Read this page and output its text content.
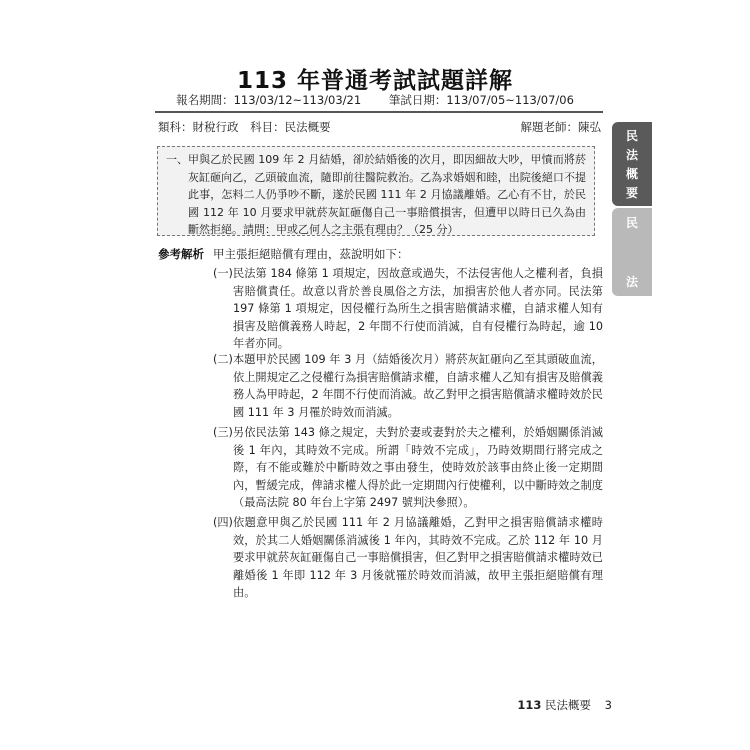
113 年普通考試試題詳解
報名期間：113/03/12~113/03/21 筆試日期：113/07/05~113/07/06
類科：財稅行政 科目：民法概要	解題老師：陳弘
一、 甲與乙於民國 109 年 2 月結婚，卻於結婚後的次月，即因細故大吵，甲憤而將菸灰缸砸向乙，乙頭破血流，隨即前往醫院救治。乙為求婚姻和睦，出院後絕口不提此事，怎料二人仍爭吵不斷，遂於民國 111 年 2 月協議離婚。乙心有不甘，於民國 112 年 10 月要求甲就菸灰缸砸傷自己一事賠償損害，但遭甲以時日已久為由斷然拒絕。請問：甲或乙何人之主張有理由？（25 分）
參考解析 甲主張拒絕賠償有理由，茲說明如下：
(一) 民法第 184 條第 1 項規定，因故意或過失，不法侵害他人之權利者，負損害賠償責任。故意以背於善良風俗之方法，加損害於他人者亦同。民法第 197 條第 1 項規定，因侵權行為所生之損害賠償請求權，自請求權人知有損害及賠償義務人時起，2 年間不行使而消滅，自有侵權行為時起，逾 10 年者亦同。
(二) 本題甲於民國 109 年 3 月（結婚後次月）將菸灰缸砸向乙至其頭破血流，依上開規定乙之侵權行為損害賠償請求權，自請求權人乙知有損害及賠償義務人為甲時起，2 年間不行使而消滅。故乙對甲之損害賠償請求權時效於民國 111 年 3 月罹於時效而消滅。
(三) 另依民法第 143 條之規定，夫對於妻或妻對於夫之權利，於婚姻關係消滅後 1 年內，其時效不完成。所謂「時效不完成」，乃時效期間行將完成之際，有不能或難於中斷時效之事由發生，使時效於該事由終止後一定期間內，暫緩完成，俾請求權人得於此一定期間內行使權利，以中斷時效之制度（最高法院 80 年台上字第 2497 號判決參照）。
(四) 依題意甲與乙於民國 111 年 2 月協議離婚，乙對甲之損害賠償請求權時效，於其二人婚姻關係消滅後 1 年內，其時效不完成。乙於 112 年 10 月要求甲就菸灰缸砸傷自己一事賠償損害，但乙對甲之損害賠償請求權時效已離婚後 1 年即 112 年 3 月後就罹於時效而消滅，故甲主張拒絕賠償有理由。
民
法
概
要
民
法
113 民法概要 3
